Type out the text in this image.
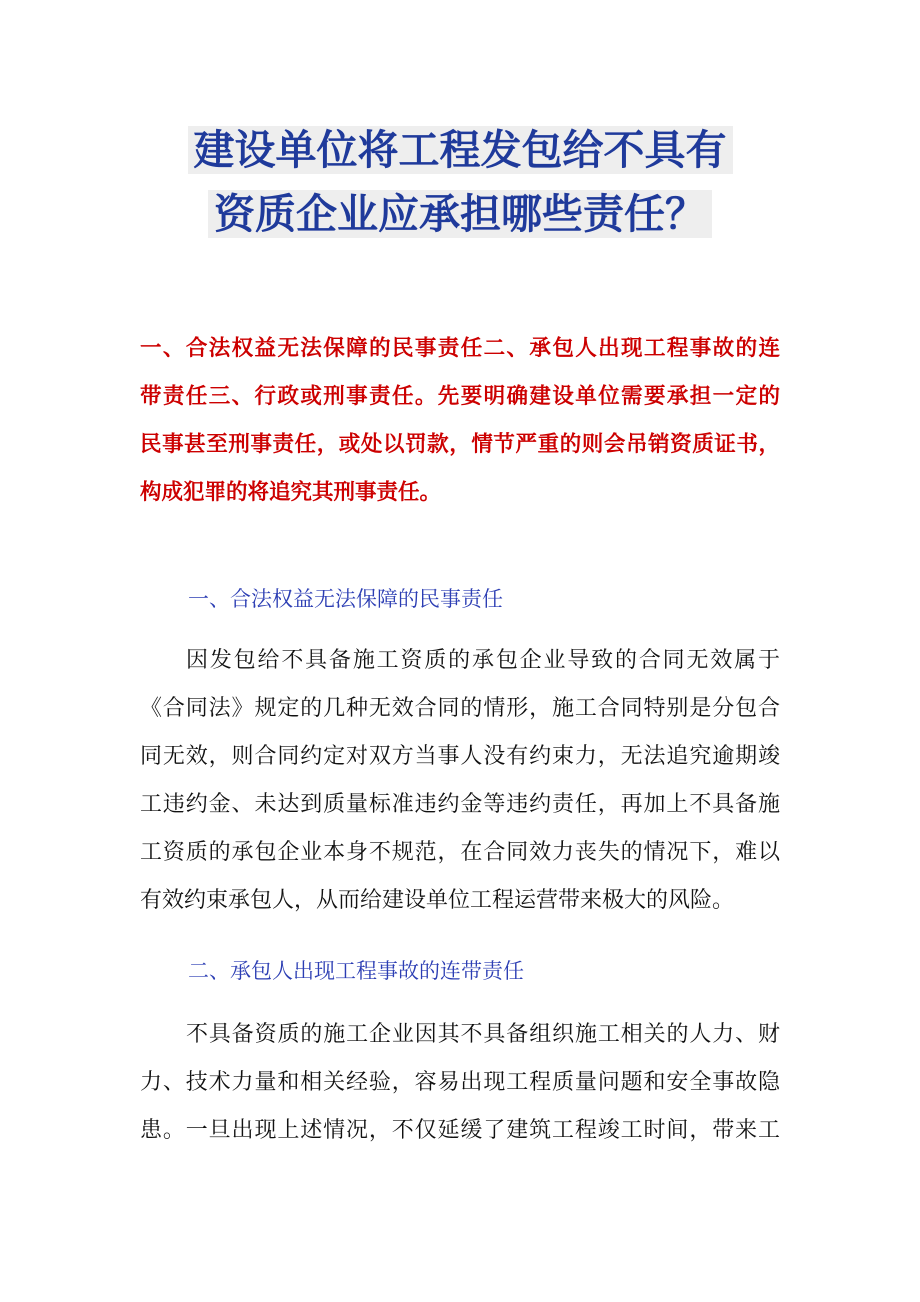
建设单位将工程发包给不具有
资质企业应承担哪些责任？
一、合法权益无法保障的民事责任二、承包人出现工程事故的连
带责任三、行政或刑事责任。先要明确建设单位需要承担一定的
民事甚至刑事责任，或处以罚款，情节严重的则会吊销资质证书，
构成犯罪的将追究其刑事责任。
一、合法权益无法保障的民事责任
因发包给不具备施工资质的承包企业导致的合同无效属于
《合同法》规定的几种无效合同的情形，施工合同特别是分包合
同无效，则合同约定对双方当事人没有约束力，无法追究逾期竣
工违约金、未达到质量标准违约金等违约责任，再加上不具备施
工资质的承包企业本身不规范，在合同效力丧失的情况下，难以
有效约束承包人，从而给建设单位工程运营带来极大的风险。
二、承包人出现工程事故的连带责任
不具备资质的施工企业因其不具备组织施工相关的人力、财
力、技术力量和相关经验，容易出现工程质量问题和安全事故隐
患。一旦出现上述情况，不仅延缓了建筑工程竣工时间，带来工
